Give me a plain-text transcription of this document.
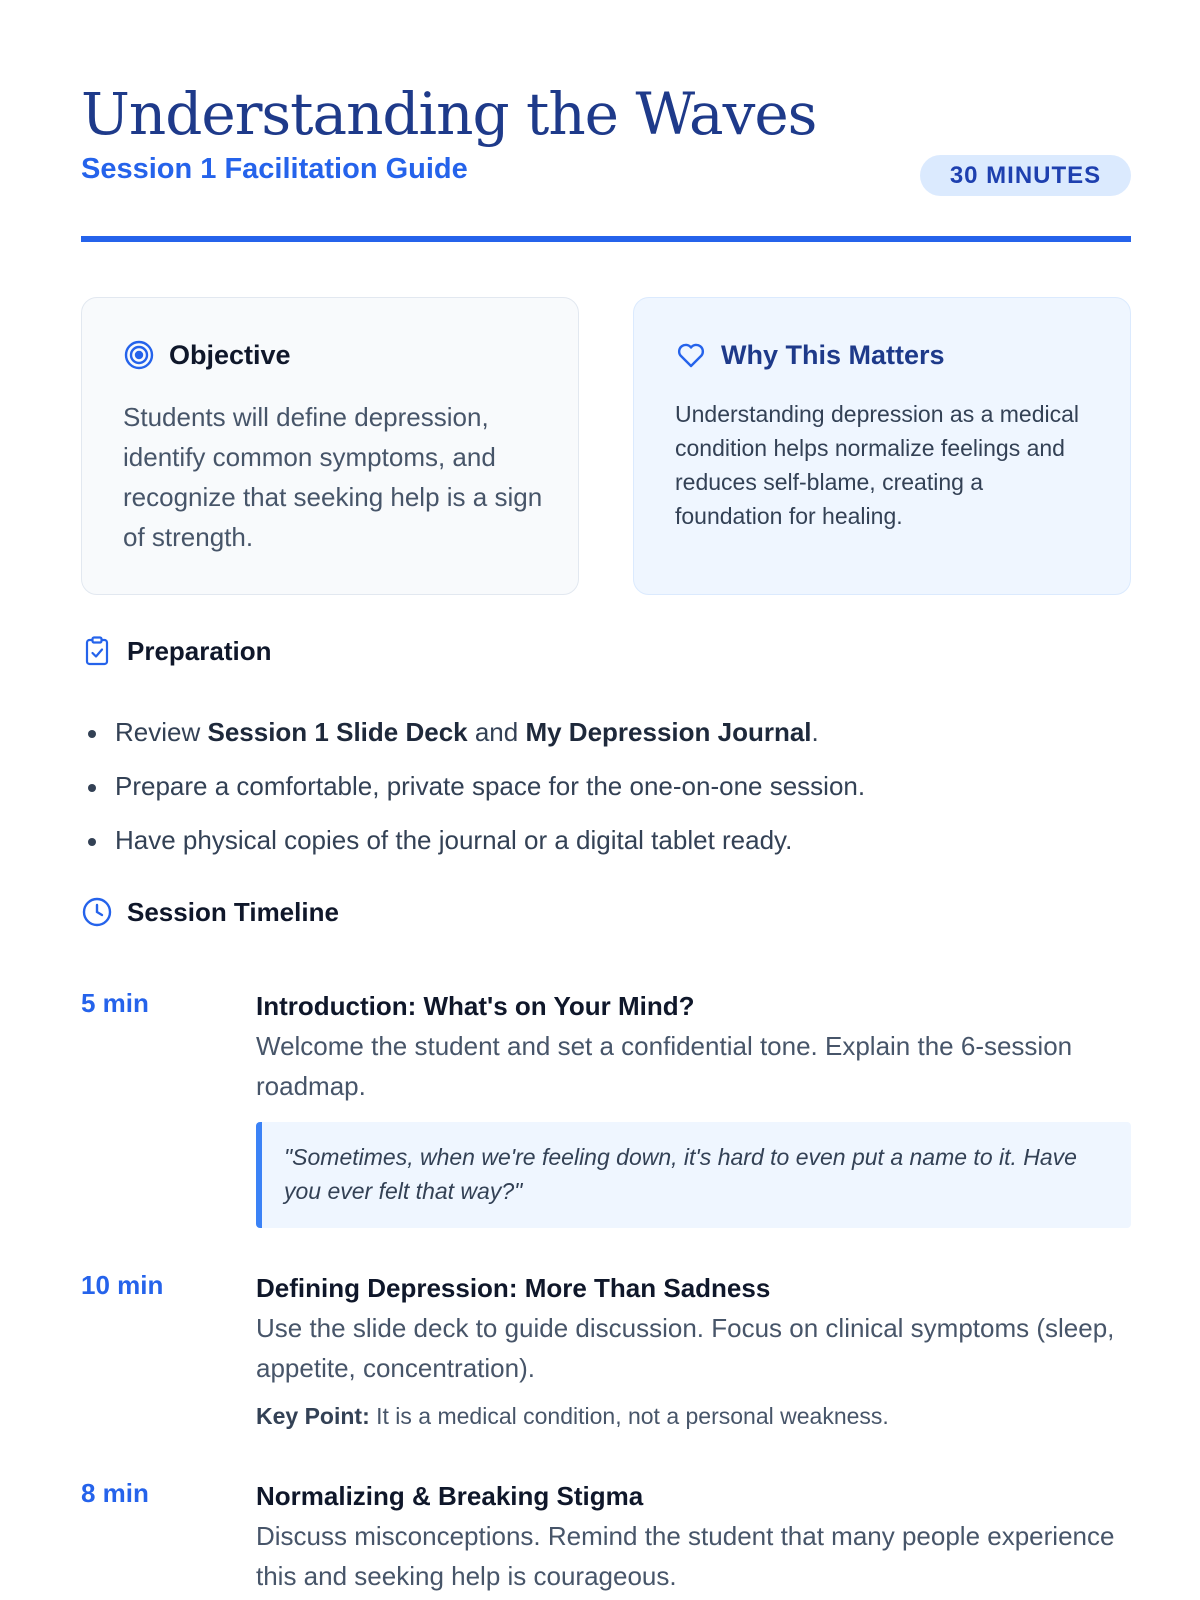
Understanding the Waves
Session 1 Facilitation Guide	30 MINUTES
Objective

Students will define depression, identify common symptoms, and recognize that seeking help is a sign of strength.

Why This Matters

Understanding depression as a medical condition helps normalize feelings and reduces self-blame, creating a foundation for healing.

Preparation
Review Session 1 Slide Deck and My Depression Journal.
Prepare a comfortable, private space for the one-on-one session.
Have physical copies of the journal or a digital tablet ready.
Session Timeline
5 min	Introduction: What's on Your Mind?
Welcome the student and set a confidential tone. Explain the 6-session roadmap.
"Sometimes, when we're feeling down, it's hard to even put a name to it. Have you ever felt that way?"
10 min	Defining Depression: More Than Sadness
Use the slide deck to guide discussion. Focus on clinical symptoms (sleep, appetite, concentration).
Key Point: It is a medical condition, not a personal weakness.
8 min	Normalizing & Breaking Stigma
Discuss misconceptions. Remind the student that many people experience this and seeking help is courageous.
